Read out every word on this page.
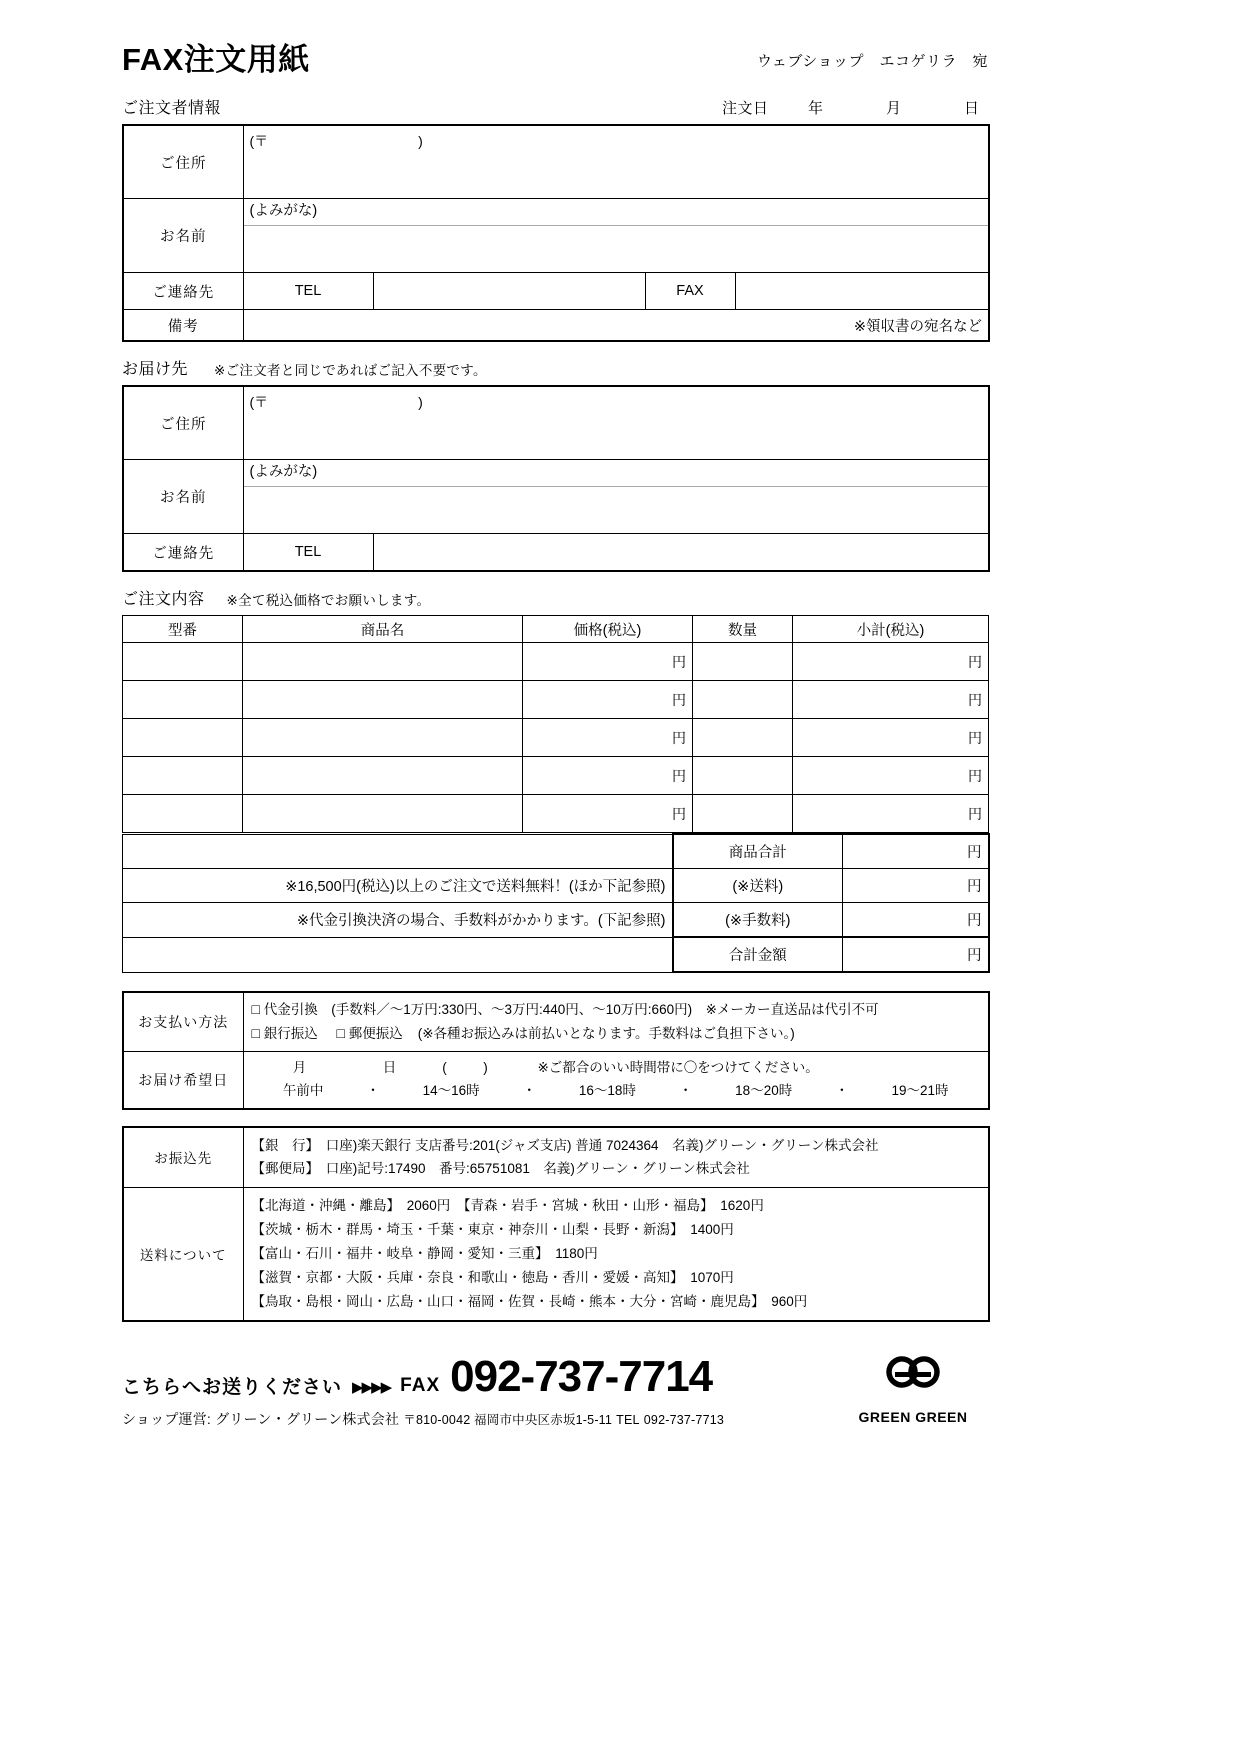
FAX注文用紙	ウェブショップ　エコゲリラ　宛
ご注文者情報	注文日	年	月	日
ご住所	(〒 )			

お名前	(よみがな)			

ご連絡先	TEL		FAX	
備考	※領収書の宛名など			
お届け先 ※ご注文者と同じであればご記入不要です。
ご住所	(〒 )	

お名前	(よみがな)	

ご連絡先	TEL	
ご注文内容 ※全て税込価格でお願いします。
型番	商品名	価格(税込)	数量	小計(税込)
		円		円
		円		円
		円		円
		円		円
		円		円
	商品合計	円
※16,500円(税込)以上のご注文で送料無料！(ほか下記参照)	(※送料)	円
※代金引換決済の場合、手数料がかかります。(下記参照)	(※手数料)	円
	合計金額	円
お支払い方法	□ 代金引換　(手数料／～1万円:330円、～3万円:440円、～10万円:660円)　※メーカー直送品は代引不可
□ 銀行振込 □ 郵便振込 (※各種お振込みは前払いとなります。手数料はご負担下さい。)

お届け希望日	
月	日	(	)	※ご都合のいい時間帯に〇をつけてください。
午前中	・	14～16時	・	16～18時	・	18～20時	・	19～21時
お振込先	【銀　行】　口座)楽天銀行 支店番号:201(ジャズ支店) 普通 7024364　名義)グリーン・グリーン株式会社
【郵便局】　口座)記号:17490　番号:65751081　名義)グリーン・グリーン株式会社

送料について	【北海道・沖縄・離島】　2060円　【青森・岩手・宮城・秋田・山形・福島】　1620円
【茨城・栃木・群馬・埼玉・千葉・東京・神奈川・山梨・長野・新潟】　1400円
【富山・石川・福井・岐阜・静岡・愛知・三重】　1180円
【滋賀・京都・大阪・兵庫・奈良・和歌山・徳島・香川・愛媛・高知】　1070円
【鳥取・島根・岡山・広島・山口・福岡・佐賀・長崎・熊本・大分・宮崎・鹿児島】　960円
こちらへお送りください ▶▶▶▶ FAX 092-737-7714
ショップ運営: グリーン・グリーン株式会社 〒810-0042 福岡市中央区赤坂1-5-11 TEL 092-737-7713	GREEN GREEN
